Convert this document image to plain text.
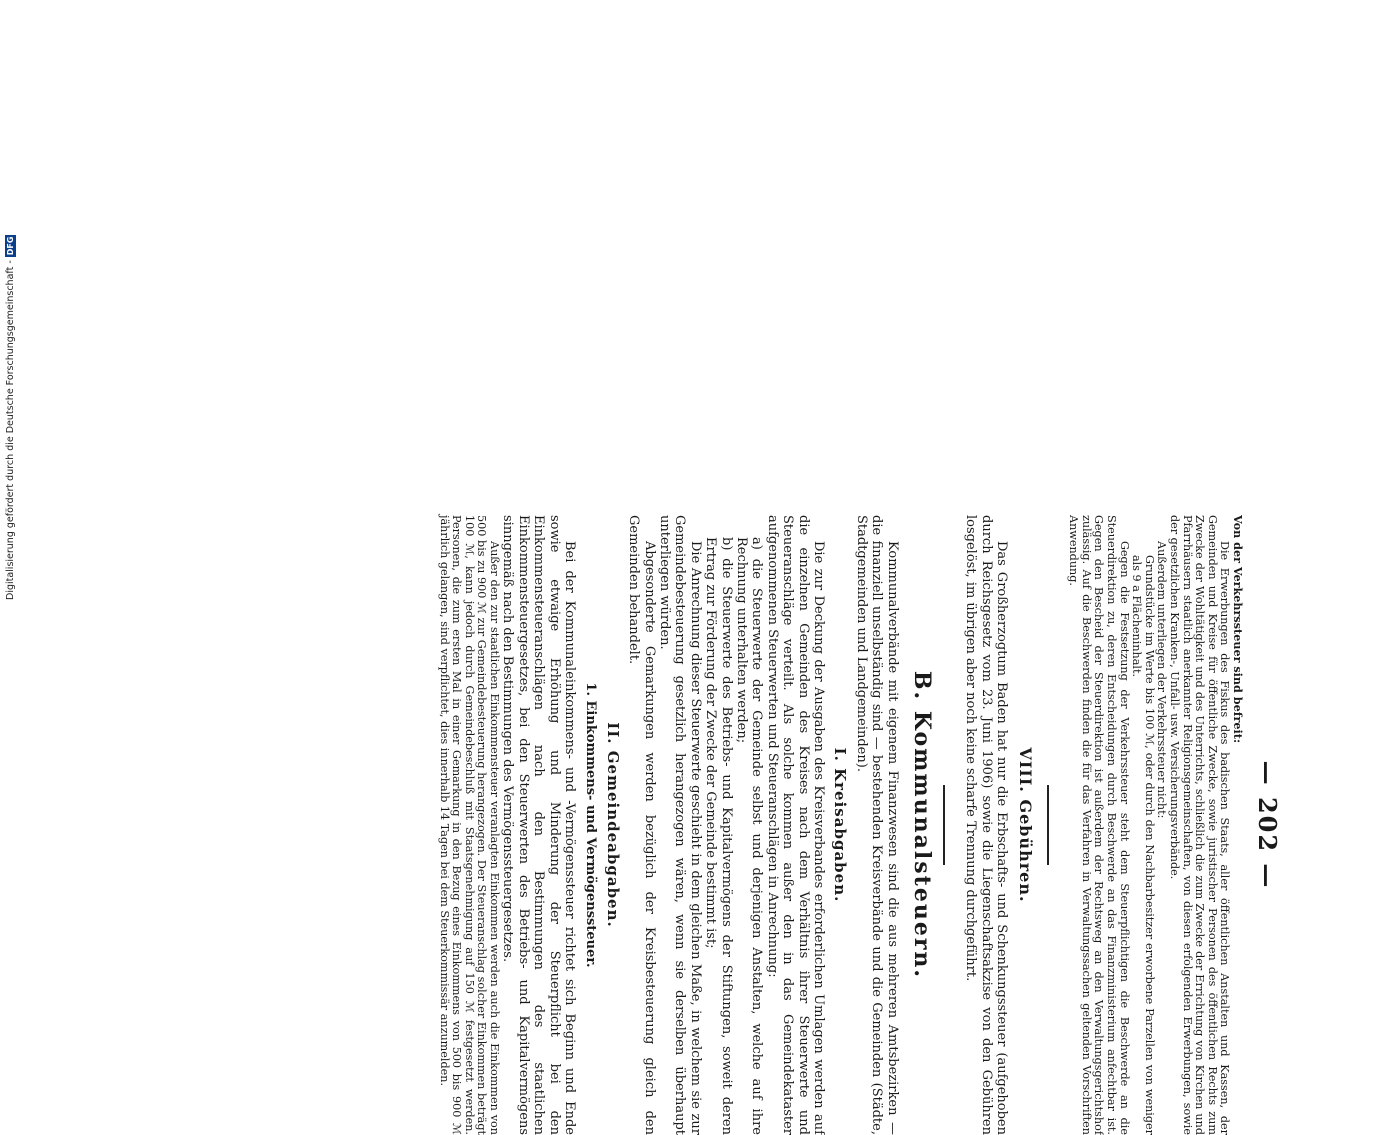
— 202 —

Von der Verkehrssteuer sind befreit:

Die Erwerbungen des Fiskus des badischen Staats, aller öffentlichen Anstalten und Kassen, der Gemeinden und Kreise für öffentliche Zwecke, sowie juristischer Personen des öffentlichen Rechts zum Zwecke der Wohltätigkeit und des Unterrichts, schließlich die zum Zwecke der Errichtung von Kirchen und Pfarrhäusern staatlich anerkannter Religionsgemeinschaften, von diesen erfolgenden Erwerbungen, sowie der gesetzlichen Kranken-, Unfall- usw. Versicherungsverbände.

Außerdem unterliegen der Verkehrssteuer nicht:

Grundstücke im Werte bis 100 ℳ, oder durch den Nachbarbesitzer erworbene Parzellen von weniger als 9 a Flächeninhalt.

Gegen die Festsetzung der Verkehrssteuer steht dem Steuerpflichtigen die Beschwerde an die Steuerdirektion zu, deren Entscheidungen durch Beschwerde an das Finanzministerium anfechtbar ist. Gegen den Bescheid der Steuerdirektion ist außerdem der Rechtsweg an den Verwaltungsgerichtshof zulässig. Auf die Beschwerden finden die für das Verfahren in Verwaltungssachen geltenden Vorschriften Anwendung.

VIII. Gebühren.

Das Großherzogtum Baden hat nur die Erbschafts- und Schenkungssteuer (aufgehoben durch Reichsgesetz vom 23. Juni 1906) sowie die Liegenschaftsakzise von den Gebühren losgelöst, im übrigen aber noch keine scharfe Trennung durchgeführt.

B. Kommunalsteuern.

Kommunalverbände mit eigenem Finanzwesen sind die aus mehreren Amtsbezirken — die finanziell unselbständig sind — bestehenden Kreisverbände und die Gemeinden (Städte, Stadtgemeinden und Landgemeinden).

I. Kreisabgaben.

Die zur Deckung der Ausgaben des Kreisverbandes erforderlichen Umlagen werden auf die einzelnen Gemeinden des Kreises nach dem Verhältnis ihrer Steuerwerte und Steueranschläge verteilt. Als solche kommen außer den in das Gemeindekataster aufgenommenen Steuerwerten und Steueranschlägen in Anrechnung:

a) die Steuerwerte der Gemeinde selbst und derjenigen Anstalten, welche auf ihre Rechnung unterhalten werden;

b) die Steuerwerte des Betriebs- und Kapitalvermögens der Stiftungen, soweit deren Ertrag zur Förderung der Zwecke der Gemeinde bestimmt ist;

Die Anrechnung dieser Steuerwerte geschieht in dem gleichen Maße, in welchem sie zur Gemeindebesteuerung gesetzlich herangezogen wären, wenn sie derselben überhaupt unterliegen würden.

Abgesonderte Gemarkungen werden bezüglich der Kreisbesteuerung gleich den Gemeinden behandelt.

II. Gemeindeabgaben.

1. Einkommens- und Vermögenssteuer.

Bei der Kommunaleinkommens- und -Vermögenssteuer richtet sich Beginn und Ende sowie etwaige Erhöhung und Minderung der Steuerpflicht bei den Einkommensteueranschlägen nach den Bestimmungen des staatlichen Einkommensteuergesetzes, bei den Steuerwerten des Betriebs- und Kapitalvermögens sinngemäß nach den Bestimmungen des Vermögenssteuergesetzes.

Außer den zur staatlichen Einkommensteuer veranlagten Einkommen werden auch die Einkommen von 500 bis zu 900 ℳ zur Gemeindebesteuerung herangezogen. Der Steueranschlag solcher Einkommen beträgt 100 ℳ, kann jedoch durch Gemeindebeschluß mit Staatsgenehmigung auf 150 ℳ festgesetzt werden. Personen, die zum ersten Mal in einer Gemarkung in den Bezug eines Einkommens von 500 bis 900 ℳ jährlich gelangen, sind verpflichtet, dies innerhalb 14 Tagen bei dem Steuerkommissär anzumelden.

Digitalisierung gefördert durch die Deutsche Forschungsgemeinschaft -
DFG
